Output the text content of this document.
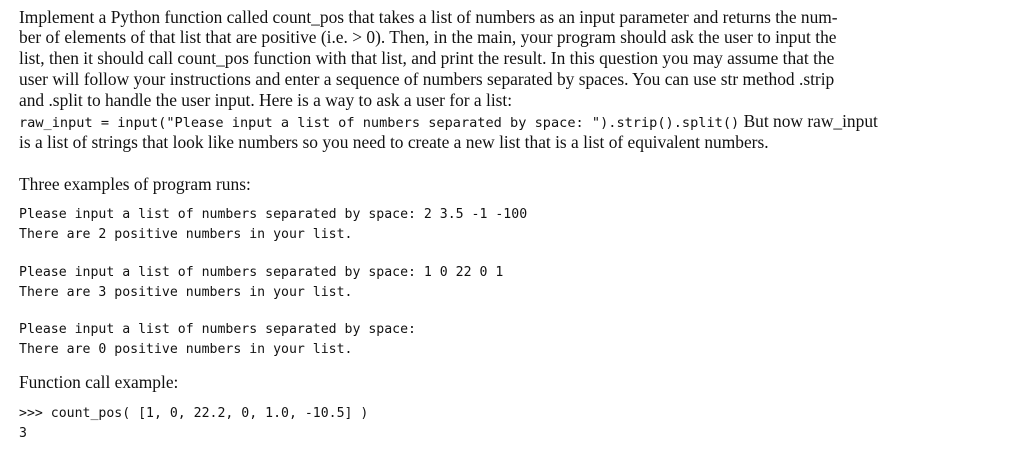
Implement a Python function called count_pos that takes a list of numbers as an input parameter and returns the num-
ber of elements of that list that are positive (i.e. > 0). Then, in the main, your program should ask the user to input the
list, then it should call count_pos function with that list, and print the result. In this question you may assume that the
user will follow your instructions and enter a sequence of numbers separated by spaces. You can use str method .strip
and .split to handle the user input. Here is a way to ask a user for a list:
raw_input = input("Please input a list of numbers separated by space: ").strip().split() But now raw_input
is a list of strings that look like numbers so you need to create a new list that is a list of equivalent numbers.
Three examples of program runs:
Please input a list of numbers separated by space: 2 3.5 -1 -100
There are 2 positive numbers in your list.
Please input a list of numbers separated by space: 1 0 22 0 1
There are 3 positive numbers in your list.
Please input a list of numbers separated by space:
There are 0 positive numbers in your list.
Function call example:
>>> count_pos( [1, 0, 22.2, 0, 1.0, -10.5] )
3
